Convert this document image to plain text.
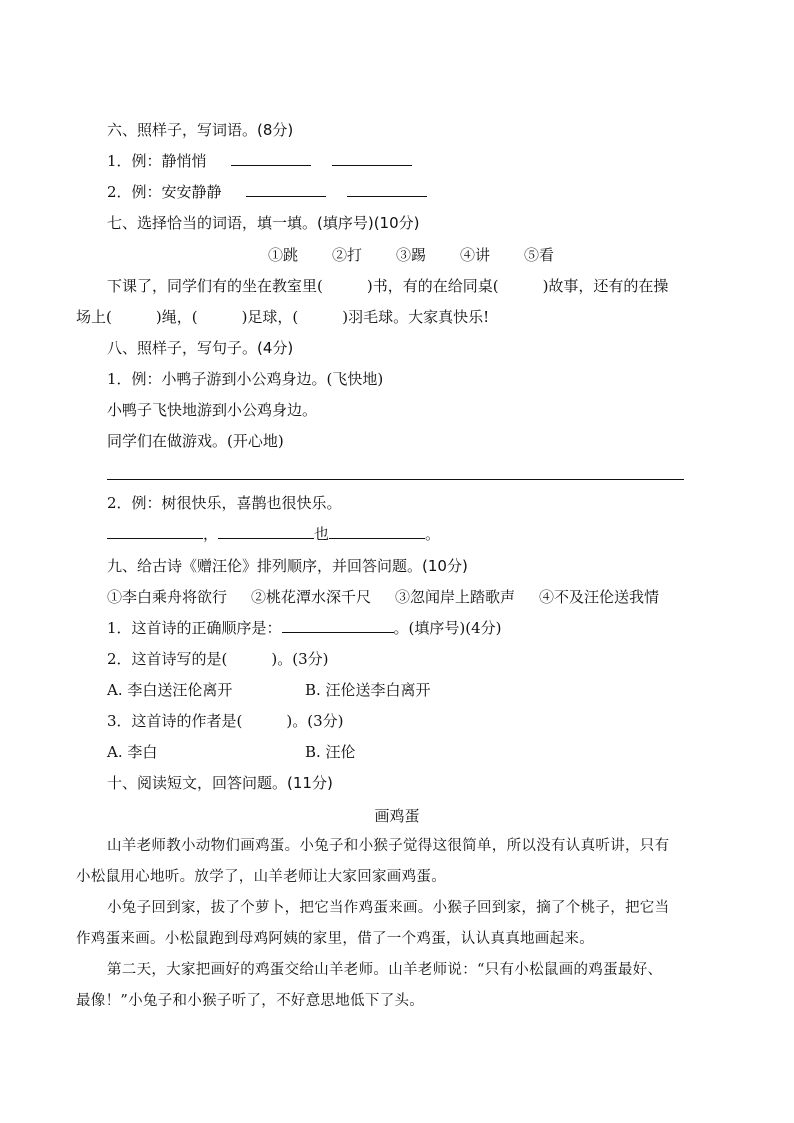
六、照样子，写词语。(8分)
1．例：静悄悄
2．例：安安静静
七、选择恰当的词语，填一填。(填序号)(10分)
①跳 ②打 ③踢 ④讲 ⑤看
下课了，同学们有的坐在教室里(	)书，有的在给同桌(	)故事，还有的在操
场上(	)绳，(	)足球，(	)羽毛球。大家真快乐!
八、照样子，写句子。(4分)
1．例：小鸭子游到小公鸡身边。(飞快地)
小鸭子飞快地游到小公鸡身边。
同学们在做游戏。(开心地)
2．例：树很快乐，喜鹊也很快乐。
，	也	。
九、给古诗《赠汪伦》排列顺序，并回答问题。(10分)
①李白乘舟将欲行 ②桃花潭水深千尺 ③忽闻岸上踏歌声 ④不及汪伦送我情
1．这首诗的正确顺序是：	。(填序号)(4分)
2．这首诗写的是(	)。(3分)
A. 李白送汪伦离开	B. 汪伦送李白离开
3．这首诗的作者是(	)。(3分)
A. 李白	B. 汪伦
十、阅读短文，回答问题。(11分)
画鸡蛋
山羊老师教小动物们画鸡蛋。小兔子和小猴子觉得这很简单，所以没有认真听讲，只有
小松鼠用心地听。放学了，山羊老师让大家回家画鸡蛋。
小兔子回到家，拔了个萝卜，把它当作鸡蛋来画。小猴子回到家，摘了个桃子，把它当
作鸡蛋来画。小松鼠跑到母鸡阿姨的家里，借了一个鸡蛋，认认真真地画起来。
第二天，大家把画好的鸡蛋交给山羊老师。山羊老师说：“只有小松鼠画的鸡蛋最好、
最像！”小兔子和小猴子听了，不好意思地低下了头。
